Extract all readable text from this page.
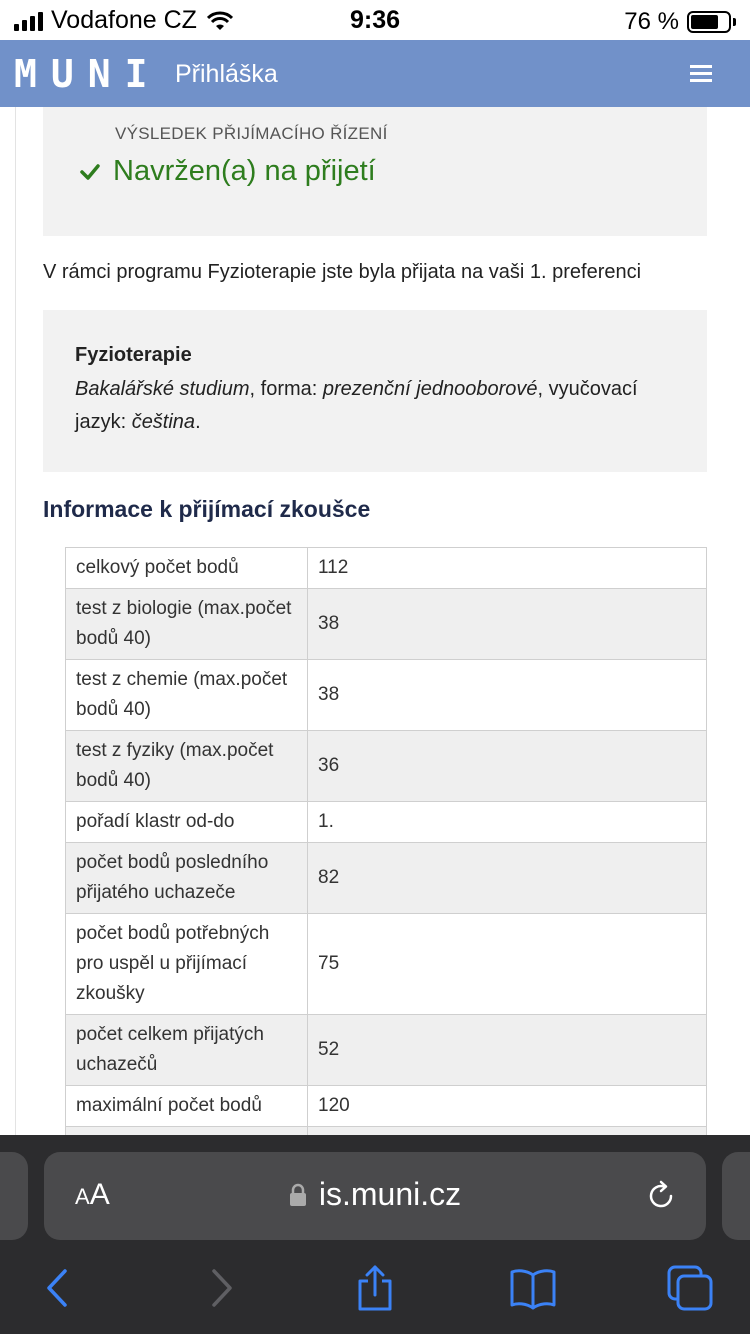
Vodafone CZ	9:36	76 %
MUNI Přihláška
VÝSLEDEK PŘIJÍMACÍHO ŘÍZENÍ
Navržen(a) na přijetí
V rámci programu Fyzioterapie jste byla přijata na vaši 1. preferenci
Fyzioterapie
Bakalářské studium, forma: prezenční jednooborové, vyučovací jazyk: čeština.
Informace k přijímací zkoušce
celkový počet bodů	112
test z biologie (max.počet bodů 40)	38
test z chemie (max.počet bodů 40)	38
test z fyziky (max.počet bodů 40)	36
pořadí klastr od-do	1.
počet bodů posledního přijatého uchazeče	82
počet bodů potřebných pro uspěl u přijímací zkoušky	75
počet celkem přijatých uchazečů	52
maximální počet bodů	120

AA	is.muni.cz
